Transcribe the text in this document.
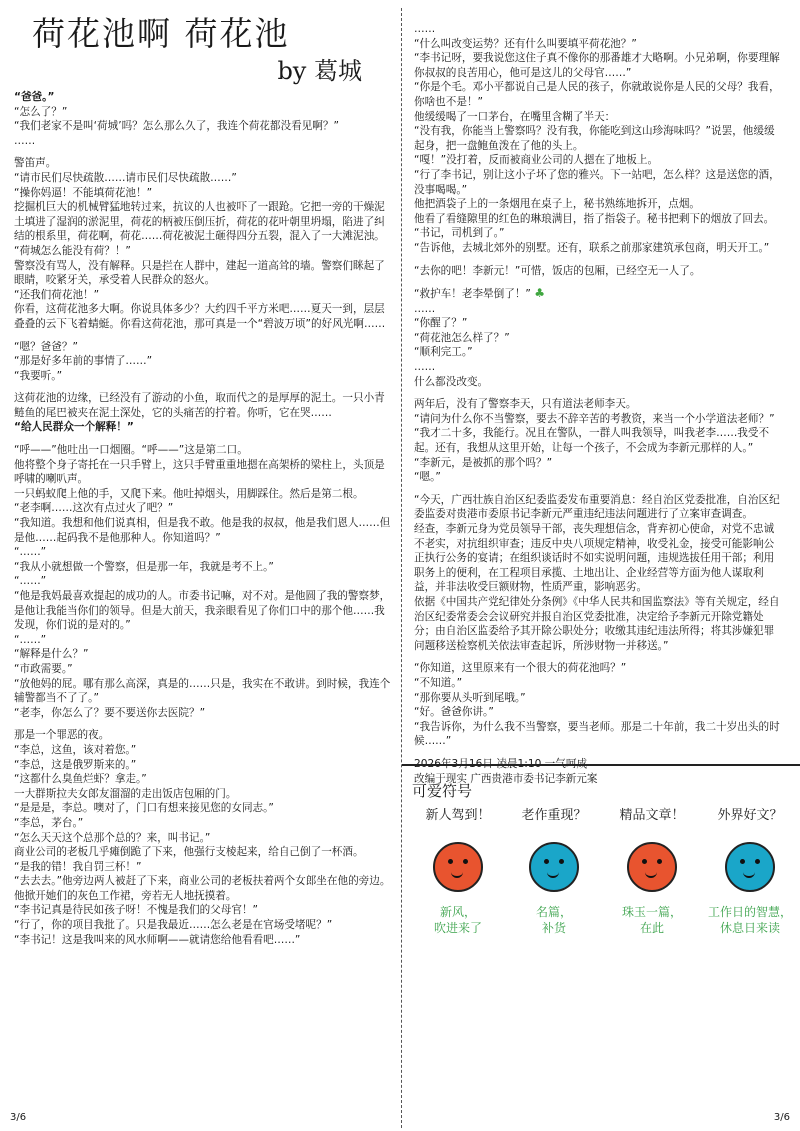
荷花池啊 荷花池
by 葛城

“爸爸。”

“怎么了？”

“我们老家不是叫‘荷城’吗？怎么那么久了，我连个荷花都没看见啊？”

……

警笛声。

“请市民们尽快疏散……请市民们尽快疏散……”

“操你妈逼！不能填荷花池！”

挖掘机巨大的机械臂猛地转过来，抗议的人也被吓了一跟跄。它把一旁的干燥泥土填进了湿润的淤泥里，荷花的柄被压倒压折，荷花的花叶朝里坍塌，陷进了纠结的根系里，荷花啊，荷花……荷花被泥土砸得四分五裂，混入了一大滩泥浊。

“荷城怎么能没有荷？！”

警察没有骂人，没有解释。只是拦在人群中，建起一道高耸的墙。警察们眯起了眼睛，咬紧牙关，承受着人民群众的怒火。

“还我们荷花池！”

你看，这荷花池多大啊。你说具体多少？大约四千平方米吧……夏天一到，层层叠叠的云下飞着蜻蜓。你看这荷花池，那可真是一个“碧波万顷”的好风光啊……

“嗯？爸爸？”

“那是好多年前的事情了……”

“我要听。”

这荷花池的边缘，已经没有了游动的小鱼，取而代之的是厚厚的泥土。一只小青鲢鱼的尾巴被夹在泥土深处，它的头痛苦的拧着。你听，它在哭……

“给人民群众一个解释！”

“呼——”他吐出一口烟圈。“呼——”这是第二口。

他将整个身子寄托在一只手臂上，这只手臂重重地摁在高架桥的梁柱上，头顶是呼啸的喇叭声。

一只蚂蚁爬上他的手，又爬下来。他吐掉烟头，用脚踩住。然后是第二根。

“老李啊……这次有点过火了吧？”

“我知道。我想和他们说真相，但是我不敢。他是我的叔叔，他是我们恩人……但是他……起码我不是他那种人。你知道吗？”

“……”

“我从小就想做一个警察，但是那一年，我就是考不上。”

“……”

“他是我妈最喜欢提起的成功的人。市委书记嘛，对不对。是他圆了我的警察梦，是他让我能当你们的领导。但是大前天，我亲眼看见了你们口中的那个他……我发现，你们说的是对的。”

“……”

“解释是什么？”

“市政需要。”

“放他妈的屁。哪有那么高深，真是的……只是，我实在不敢讲。到时候，我连个辅警都当不了了。”

“老李，你怎么了？要不要送你去医院？”

那是一个罪恶的夜。

“李总，这鱼，该对着您。”

“李总，这是俄罗斯来的。”

“这都什么臭鱼烂虾？拿走。”

一大群斯拉夫女郎友溜溜的走出饭店包厢的门。

“是是是，李总。噢对了，门口有想来接见您的女同志。”

“李总，茅台。”

“怎么天天这个总那个总的？来，叫书记。”

商业公司的老板几乎瘫倒跪了下来，他强行支棱起来，给自己倒了一杯酒。

“是我的错！我自罚三杯！”

“去去去。”他旁边两人被赶了下来，商业公司的老板扶着两个女郎坐在他的旁边。

他掀开她们的灰色工作裙，旁若无人地抚摸着。

“李书记真是待民如孩子呀！不愧是我们的父母官！”

“行了，你的项目我批了。只是我最近……怎么老是在官场受堵呢？”

“李书记！这是我叫来的风水师啊——就请您给他看看吧……”

……

“什么叫改变运势？还有什么叫要填平荷花池？”

“李书记呀，要我说您这住子真不像你的那番雄才大略啊。小兄弟啊，你要理解你叔叔的良苦用心，他可是这儿的父母官……”

“你是个毛。邓小平都说自己是人民的孩子，你就敢说你是人民的父母？我看，你啥也不是！”

他缓缓喝了一口茅台，在嘴里含糊了半天：

“没有我，你能当上警察吗？没有我，你能吃到这山珍海味吗？”说罢，他缓缓起身，把一盘鲍鱼泼在了他的头上。

“嘎！”没打着，反而被商业公司的人摁在了地板上。

“行了李书记，别让这小子坏了您的雅兴。下一站吧，怎么样？这是送您的酒，没事喝喝。”

他把酒袋子上的一条烟甩在桌子上，秘书熟练地拆开，点烟。

他看了看缝隙里的红色的琳琅满目，指了指袋子。秘书把剩下的烟放了回去。

“书记，司机到了。”

“告诉他，去城北郊外的别墅。还有，联系之前那家建筑承包商，明天开工。”

“去你的吧！李新元！”可惜，饭店的包厢，已经空无一人了。

“救护车！老李晕倒了！” ♣

……

“你醒了？”

“荷花池怎么样了？”

“顺利完工。”

……

什么都没改变。

两年后，没有了警察李天，只有道法老师李天。

“请问为什么你不当警察，要去不辞辛苦的考教资，来当一个小学道法老师？”

“我才二十多，我能行。况且在警队，一群人叫我领导，叫我老李……我受不起。还有，我想从这里开始，让每一个孩子，不会成为李新元那样的人。”

“李新元，是被抓的那个吗？”

“嗯。”

“今天，广西壮族自治区纪委监委发布重要消息：经自治区党委批准，自治区纪委监委对贵港市委原书记李新元严重违纪违法问题进行了立案审查调查。

经查，李新元身为党员领导干部，丧失理想信念，背弃初心使命，对党不忠诚不老实，对抗组织审查；违反中央八项规定精神，收受礼金，接受可能影响公正执行公务的宴请；在组织谈话时不如实说明问题，违规选拔任用干部；利用职务上的便利，在工程项目承揽、土地出让、企业经营等方面为他人谋取利益，并非法收受巨额财物，性质严重，影响恶劣。

依据《中国共产党纪律处分条例》《中华人民共和国监察法》等有关规定，经自治区纪委常委会会议研究并报自治区党委批准，决定给予李新元开除党籍处分；由自治区监委给予其开除公职处分；收缴其违纪违法所得；将其涉嫌犯罪问题移送检察机关依法审查起诉，所涉财物一并移送。”

“你知道，这里原来有一个很大的荷花池吗？”

“不知道。”

“那你要从头听到尾哦。”

“好。爸爸你讲。”

“我告诉你，为什么我不当警察，要当老师。那是二十年前，我二十岁出头的时候……”

2026年3月16日 凌晨1:10 一气呵成

改编于现实 广西贵港市委书记李新元案

可爱符号
新人驾到！
新风，
吹进来了
老作重现？
名篇，
补货
精品文章！
珠玉一篇，
在此
外界好文？
工作日的智慧，
休息日来读
3/6	3/6
